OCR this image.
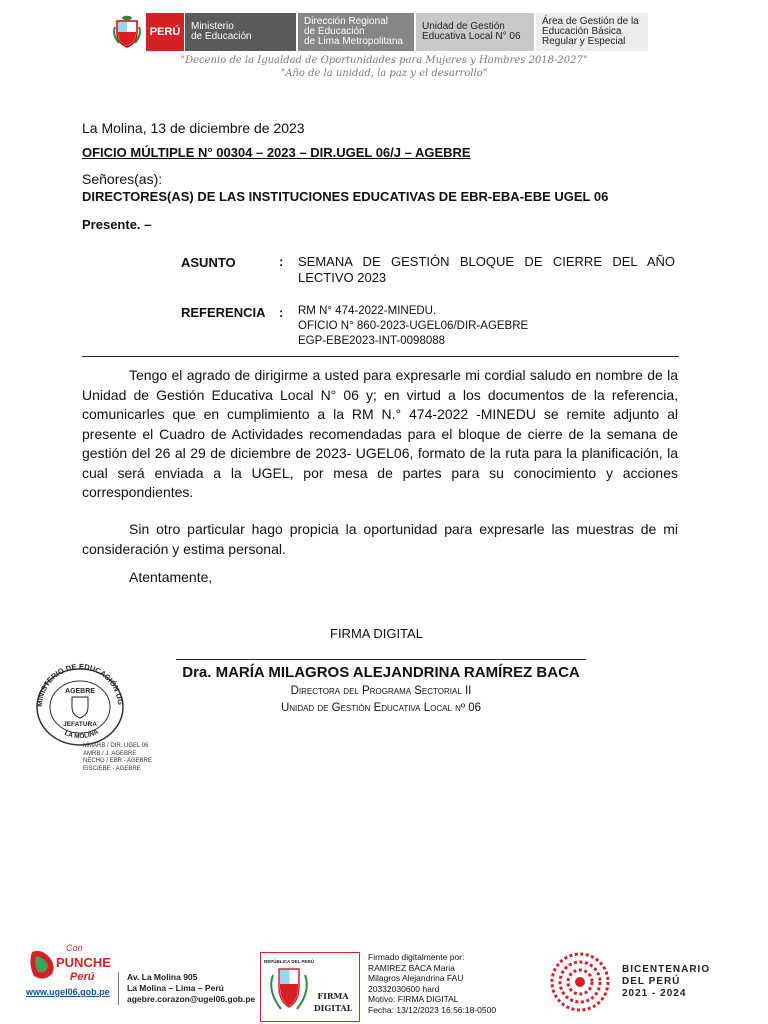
PERÚ	Ministerio
de Educación
Dirección Regional
de Educación
de Lima Metropolitana
Unidad de Gestión
Educativa Local N° 06
Área de Gestión de la
Educación Básica
Regular y Especial
"Decenio de la Igualdad de Oportunidades para Mujeres y Hombres 2018-2027"
"Año de la unidad, la paz y el desarrollo"
La Molina, 13 de diciembre de 2023
OFICIO MÚLTIPLE N° 00304 – 2023 – DIR.UGEL 06/J – AGEBRE
Señores(as):
DIRECTORES(AS) DE LAS INSTITUCIONES EDUCATIVAS DE EBR-EBA-EBE UGEL 06
Presente. –
ASUNTO	: SEMANA DE GESTIÓN BLOQUE DE CIERRE DEL AÑO LECTIVO 2023
REFERENCIA : RM N° 474-2022-MINEDU.
OFICIO N° 860-2023-UGEL06/DIR-AGEBRE
EGP-EBE2023-INT-0098088
Tengo el agrado de dirigirme a usted para expresarle mi cordial saludo en nombre de la Unidad de Gestión Educativa Local N° 06 y; en virtud a los documentos de la referencia, comunicarles que en cumplimiento a la RM N.° 474-2022 -MINEDU se remite adjunto al presente el Cuadro de Actividades recomendadas para el bloque de cierre de la semana de gestión del 26 al 29 de diciembre de 2023- UGEL06, formato de la ruta para la planificación, la cual será enviada a la UGEL, por mesa de partes para su conocimiento y acciones correspondientes.
Sin otro particular hago propicia la oportunidad para expresarle las muestras de mi consideración y estima personal.
Atentamente,
FIRMA DIGITAL
Dra. MARÍA MILAGROS ALEJANDRINA RAMÍREZ BACA
Directora del Programa Sectorial II
Unidad de Gestión Educativa Local nº 06
MINISTERIO DE EDUCACIÓN UG
AGEBRE
JEFATURA
LA MOLINA
MMARB / DIR. UGEL 06
AMRB / J. AGEBRE
NECHG / EBR - AGEBRE
EISC/EBE - AGEBRE
Con
PUNCHE
Perú
www.ugel06.gob.pe
Av. La Molina 905
La Molina – Lima – Perú
agebre.corazon@ugel06.gob.pe
REPÚBLICA DEL PERÚ
FIRMA
DIGITAL
Firmado digitalmente por:
RAMIREZ BACA Maria
Milagros Alejandrina FAU
20332030600 hard
Motivo: FIRMA DIGITAL
Fecha: 13/12/2023 16:56:18-0500
BICENTENARIO
DEL PERÚ
2021 - 2024
